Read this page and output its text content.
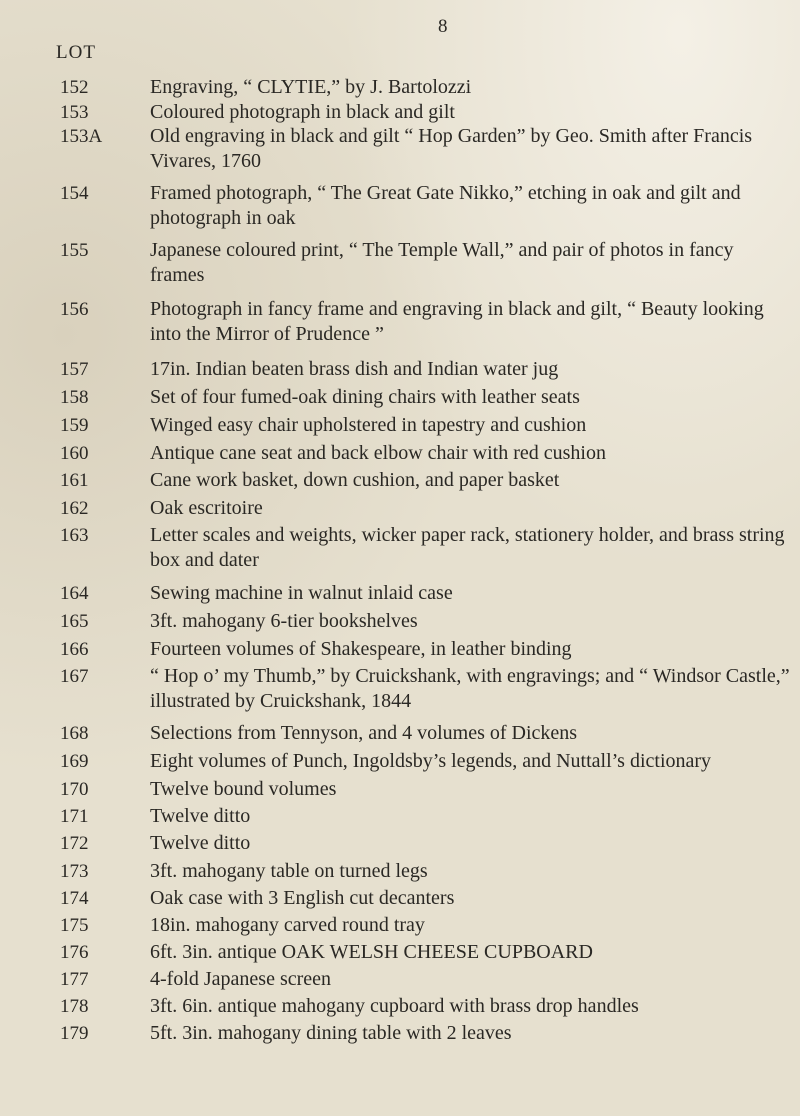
8
LOT
152	Engraving, “ CLYTIE,” by J. Bartolozzi
153	Coloured photograph in black and gilt
153A Old engraving in black and gilt “ Hop Garden” by Geo. Smith after Francis Vivares, 1760
154	Framed photograph, “ The Great Gate Nikko,” etching in oak and gilt and photograph in oak
155	Japanese coloured print, “ The Temple Wall,” and pair of photos in fancy frames
156	Photograph in fancy frame and engraving in black and gilt, “ Beauty looking into the Mirror of Prudence ”
157	17in. Indian beaten brass dish and Indian water jug
158	Set of four fumed-oak dining chairs with leather seats
159	Winged easy chair upholstered in tapestry and cushion
160	Antique cane seat and back elbow chair with red cushion
161	Cane work basket, down cushion, and paper basket
162	Oak escritoire
163	Letter scales and weights, wicker paper rack, stationery holder, and brass string box and dater
164	Sewing machine in walnut inlaid case
165	3ft. mahogany 6-tier bookshelves
166	Fourteen volumes of Shakespeare, in leather binding
167	“ Hop o’ my Thumb,” by Cruickshank, with engravings; and “ Windsor Castle,” illustrated by Cruickshank, 1844
168	Selections from Tennyson, and 4 volumes of Dickens
169	Eight volumes of Punch, Ingoldsby’s legends, and Nuttall’s dictionary
170	Twelve bound volumes
171	Twelve ditto
172	Twelve ditto
173	3ft. mahogany table on turned legs
174	Oak case with 3 English cut decanters
175	18in. mahogany carved round tray
176	6ft. 3in. antique OAK WELSH CHEESE CUPBOARD
177	4-fold Japanese screen
178	3ft. 6in. antique mahogany cupboard with brass drop handles
179	5ft. 3in. mahogany dining table with 2 leaves
